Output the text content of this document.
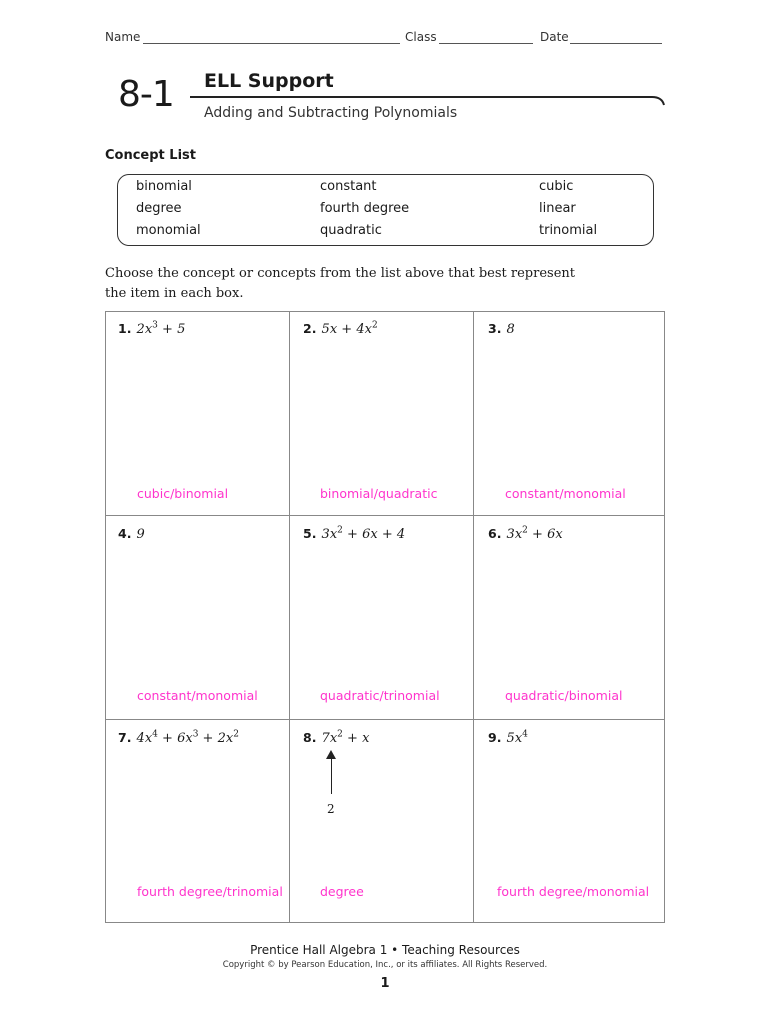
Name	Class	Date
8-1 ELL Support
Adding and Subtracting Polynomials
Concept List
binomial
degree
monomial
constant
fourth degree
quadratic
cubic
linear
trinomial
Choose the concept or concepts from the list above that best represent the item in each box.
1. $2x^3 + 5$
cubic/binomial
2. $5x + 4x^2$
binomial/quadratic
3. 8
constant/monomial
4. 9
constant/monomial
5. $3x^2 + 6x + 4$
quadratic/trinomial
6. $3x^2 + 6x$
quadratic/binomial
7. $4x^4 + 6x^3 + 2x^2$
fourth degree/trinomial
8. $7x^2 + x$
2
degree
9. $5x^4$
fourth degree/monomial
Prentice Hall Algebra 1 • Teaching Resources
Copyright © by Pearson Education, Inc., or its affiliates. All Rights Reserved.
1
